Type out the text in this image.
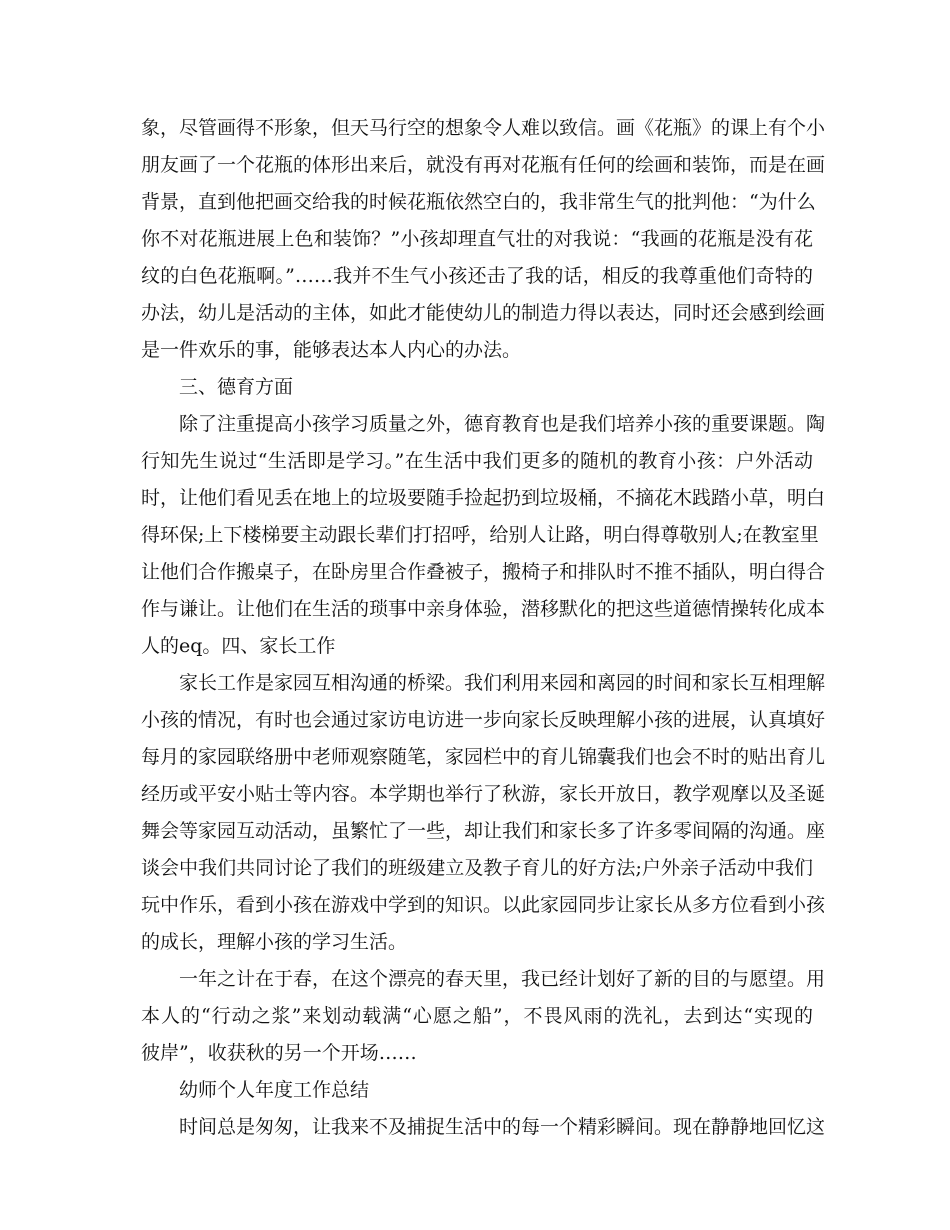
象，尽管画得不形象，但天马行空的想象令人难以致信。画《花瓶》的课上有个小
朋友画了一个花瓶的体形出来后，就没有再对花瓶有任何的绘画和装饰，而是在画
背景，直到他把画交给我的时候花瓶依然空白的，我非常生气的批判他：“为什么
你不对花瓶进展上色和装饰？”小孩却理直气壮的对我说：“我画的花瓶是没有花
纹的白色花瓶啊。”……我并不生气小孩还击了我的话，相反的我尊重他们奇特的
办法，幼儿是活动的主体，如此才能使幼儿的制造力得以表达，同时还会感到绘画
是一件欢乐的事，能够表达本人内心的办法。
三、德育方面
除了注重提高小孩学习质量之外，德育教育也是我们培养小孩的重要课题。陶
行知先生说过“生活即是学习。”在生活中我们更多的随机的教育小孩：户外活动
时，让他们看见丢在地上的垃圾要随手捡起扔到垃圾桶，不摘花木践踏小草，明白
得环保;上下楼梯要主动跟长辈们打招呼，给别人让路，明白得尊敬别人;在教室里
让他们合作搬桌子，在卧房里合作叠被子，搬椅子和排队时不推不插队，明白得合
作与谦让。让他们在生活的琐事中亲身体验，潜移默化的把这些道德情操转化成本
人的eq。四、家长工作
家长工作是家园互相沟通的桥梁。我们利用来园和离园的时间和家长互相理解
小孩的情况，有时也会通过家访电访进一步向家长反映理解小孩的进展，认真填好
每月的家园联络册中老师观察随笔，家园栏中的育儿锦囊我们也会不时的贴出育儿
经历或平安小贴士等内容。本学期也举行了秋游，家长开放日，教学观摩以及圣诞
舞会等家园互动活动，虽繁忙了一些，却让我们和家长多了许多零间隔的沟通。座
谈会中我们共同讨论了我们的班级建立及教子育儿的好方法;户外亲子活动中我们
玩中作乐，看到小孩在游戏中学到的知识。以此家园同步让家长从多方位看到小孩
的成长，理解小孩的学习生活。
一年之计在于春，在这个漂亮的春天里，我已经计划好了新的目的与愿望。用
本人的“行动之浆”来划动载满“心愿之船”，不畏风雨的洗礼，去到达“实现的
彼岸”，收获秋的另一个开场……
幼师个人年度工作总结
时间总是匆匆，让我来不及捕捉生活中的每一个精彩瞬间。现在静静地回忆这
